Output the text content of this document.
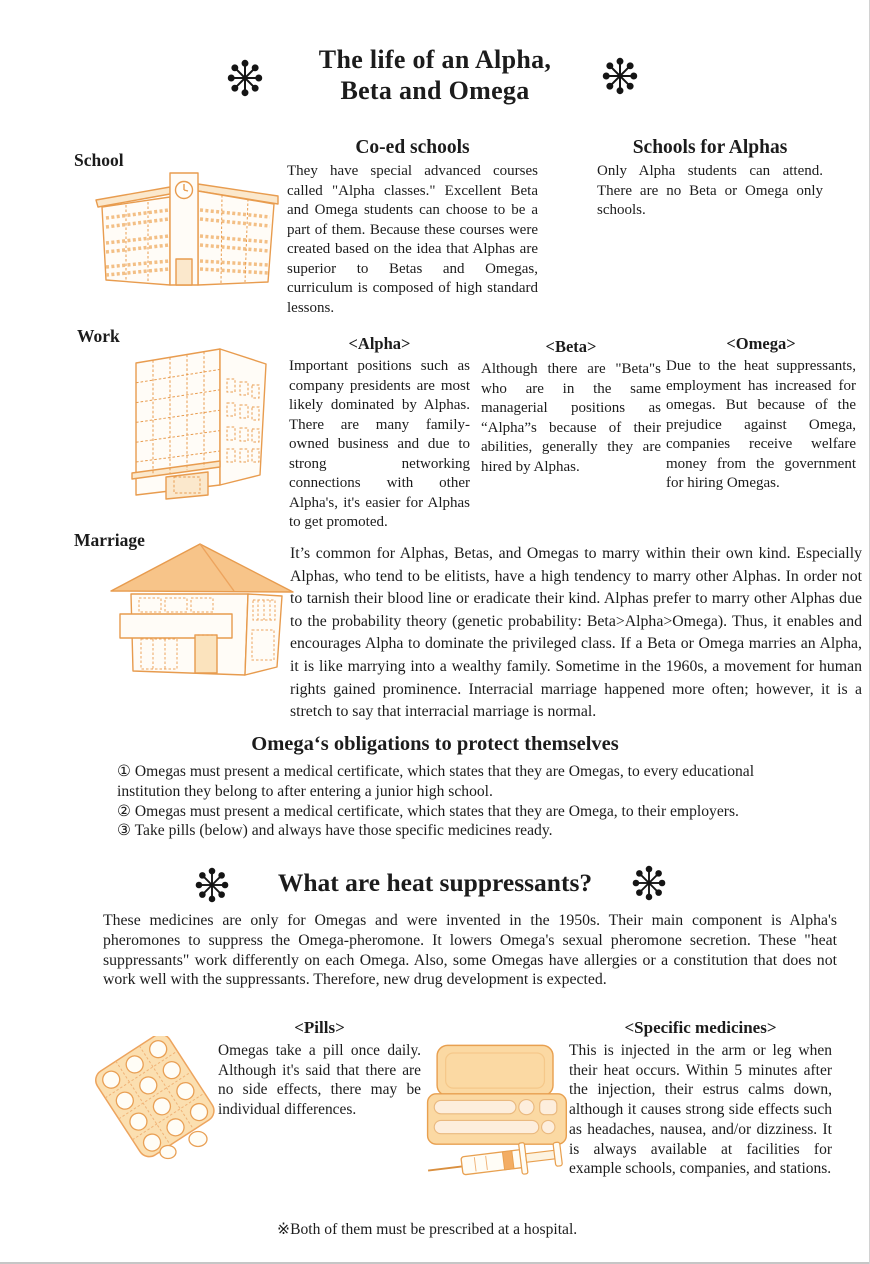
The life of an Alpha,
Beta and Omega
School
Co-ed schools

They have special advanced courses called "Alpha classes." Excellent Beta and Omega students can choose to be a part of them. Because these courses were created based on the idea that Alphas are superior to Betas and Omegas, curriculum is composed of high standard lessons.

Schools for Alphas

Only Alpha students can attend. There are no Beta or Omega only schools.

Work	<Alpha>

Important positions such as company presidents are most likely dominated by Alphas. There are many family-owned business and due to strong networking connections with other Alpha's, it's easier for Alphas to get promoted.

<Beta>

Although there are "Beta"s who are in the same managerial positions as “Alpha”s because of their abilities, generally they are hired by Alphas.

<Omega>

Due to the heat suppressants, employment has increased for omegas. But because of the prejudice against Omega, companies receive welfare money from the government for hiring Omegas.

Marriage

It’s common for Alphas, Betas, and Omegas to marry within their own kind. Especially Alphas, who tend to be elitists, have a high tendency to marry other Alphas. In order not to tarnish their blood line or eradicate their kind. Alphas prefer to marry other Alphas due to the probability theory (genetic probability: Beta>Alpha>Omega). Thus, it enables and encourages Alpha to dominate the privileged class. If a Beta or Omega marries an Alpha, it is like marrying into a wealthy family. Sometime in the 1960s, a movement for human rights gained prominence. Interracial marriage happened more often; however, it is a stretch to say that interracial marriage is normal.

Omega‘s obligations to protect themselves

① Omegas must present a medical certificate, which states that they are Omegas, to every educational institution they belong to after entering a junior high school.

② Omegas must present a medical certificate, which states that they are Omega, to their employers.

③ Take pills (below) and always have those specific medicines ready.

What are heat suppressants?

These medicines are only for Omegas and were invented in the 1950s. Their main component is Alpha's pheromones to suppress the Omega-pheromone. It lowers Omega's sexual pheromone secretion. These "heat suppressants" work differently on each Omega. Also, some Omegas have allergies or a constitution that does not work well with the suppressants. Therefore, new drug development is expected.

<Pills>

Omegas take a pill once daily. Although it's said that there are no side effects, there may be individual differences.

<Specific medicines>

This is injected in the arm or leg when their heat occurs. Within 5 minutes after the injection, their estrus calms down, although it causes strong side effects such as headaches, nausea, and/or dizziness. It is always available at facilities for example schools, companies, and stations.

※Both of them must be prescribed at a hospital.
